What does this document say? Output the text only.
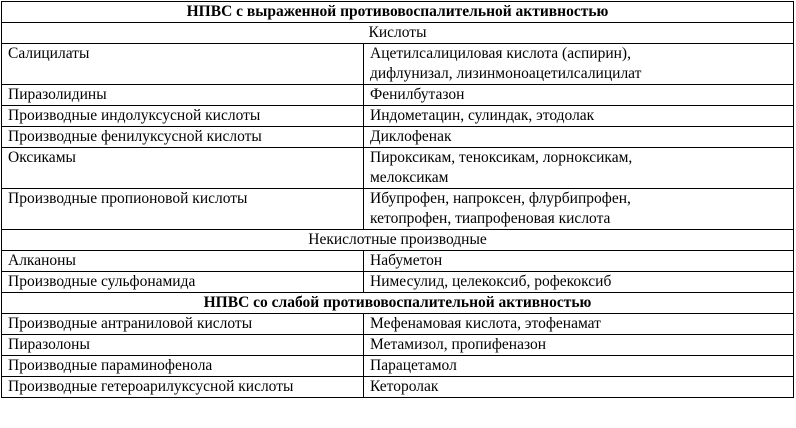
НПВС с выраженной противовоспалительной активностью	
Кислоты	
Салицилаты	Ацетилсалициловая кислота (аспирин),
дифлунизал, лизинмоноацетилсалицилат

Пиразолидины	Фенилбутазон

Производные индолуксусной кислоты	Индометацин, сулиндак, этодолак

Производные фенилуксусной кислоты	Диклофенак

Оксикамы	Пироксикам, теноксикам, лорноксикам,
мелоксикам

Производные пропионовой кислоты	Ибупрофен, напроксен, флурбипрофен,
кетопрофен, тиапрофеновая кислота

Некислотные производные	
Алканоны	Набуметон

Производные сульфонамида	Нимесулид, целекоксиб, рофекоксиб

НПВС со слабой противовоспалительной активностью	
Производные антраниловой кислоты	Мефенамовая кислота, этофенамат

Пиразолоны	Метамизол, пропифеназон

Производные параминофенола	Парацетамол

Производные гетероарилуксусной кислоты	Кеторолак
